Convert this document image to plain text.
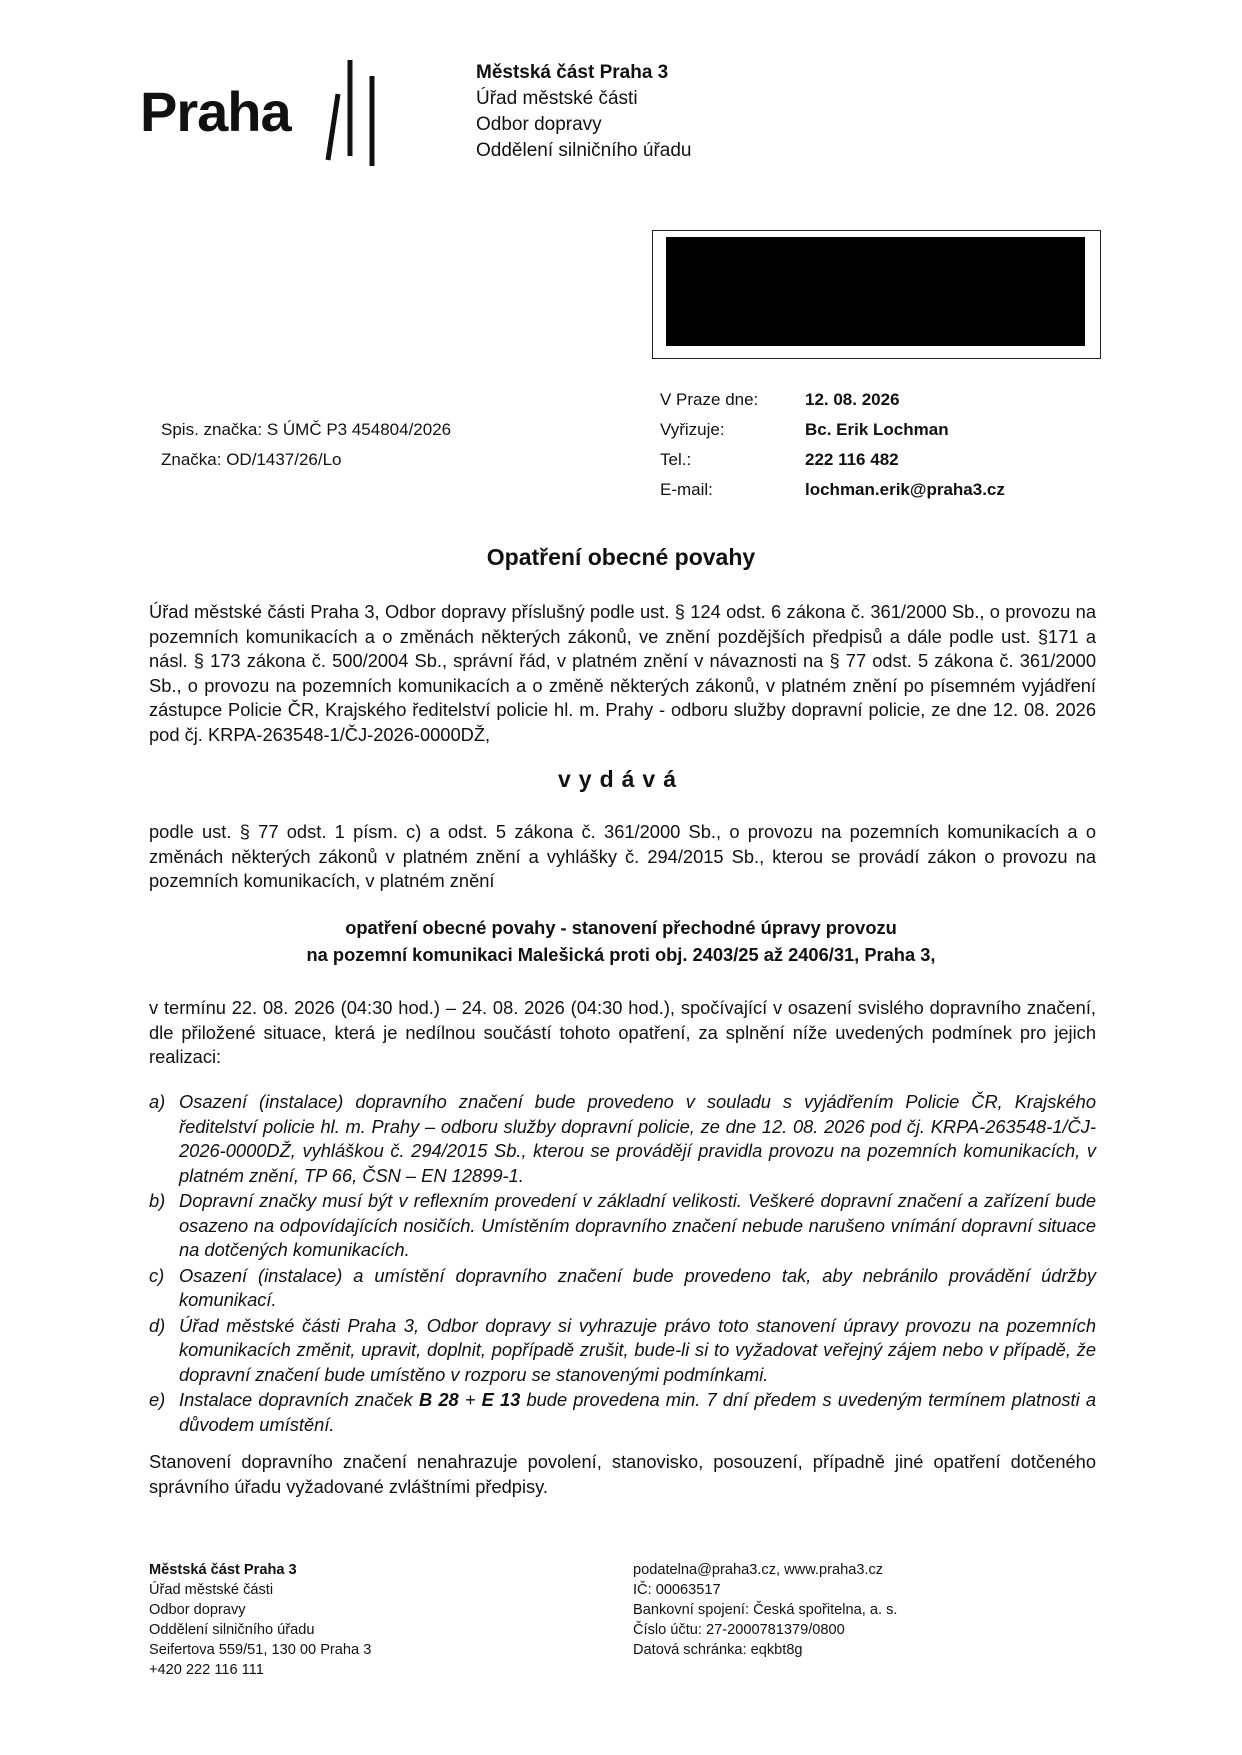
Praha
Městská část Praha 3
Úřad městské části
Odbor dopravy
Oddělení silničního úřadu
Spis. značka: S ÚMČ P3 454804/2026
Značka: OD/1437/26/Lo
V Praze dne:	12. 08. 2026
Vyřizuje:	Bc. Erik Lochman
Tel.:	222 116 482
E-mail:	lochman.erik@praha3.cz
Opatření obecné povahy
Úřad městské části Praha 3, Odbor dopravy příslušný podle ust. § 124 odst. 6 zákona č. 361/2000 Sb., o provozu na pozemních komunikacích a o změnách některých zákonů, ve znění pozdějších předpisů a dále podle ust. §171 a násl. § 173 zákona č. 500/2004 Sb., správní řád, v platném znění v návaznosti na § 77 odst. 5 zákona č. 361/2000 Sb., o provozu na pozemních komunikacích a o změně některých zákonů, v platném znění po písemném vyjádření zástupce Policie ČR, Krajského ředitelství policie hl. m. Prahy - odboru služby dopravní policie, ze dne 12. 08. 2026 pod čj. KRPA-263548-1/ČJ-2026-0000DŽ,
vydává
podle ust. § 77 odst. 1 písm. c) a odst. 5 zákona č. 361/2000 Sb., o provozu na pozemních komunikacích a o změnách některých zákonů v platném znění a vyhlášky č. 294/2015 Sb., kterou se provádí zákon o provozu na pozemních komunikacích, v platném znění
opatření obecné povahy - stanovení přechodné úpravy provozu
na pozemní komunikaci Malešická proti obj. 2403/25 až 2406/31, Praha 3,
v termínu 22. 08. 2026 (04:30 hod.) – 24. 08. 2026 (04:30 hod.), spočívající v osazení svislého dopravního značení, dle přiložené situace, která je nedílnou součástí tohoto opatření, za splnění níže uvedených podmínek pro jejich realizaci:
a) Osazení (instalace) dopravního značení bude provedeno v souladu s vyjádřením Policie ČR, Krajského ředitelství policie hl. m. Prahy – odboru služby dopravní policie, ze dne 12. 08. 2026 pod čj. KRPA-263548-1/ČJ-2026-0000DŽ, vyhláškou č. 294/2015 Sb., kterou se provádějí pravidla provozu na pozemních komunikacích, v platném znění, TP 66, ČSN – EN 12899-1.
b) Dopravní značky musí být v reflexním provedení v základní velikosti. Veškeré dopravní značení a zařízení bude osazeno na odpovídajících nosičích. Umístěním dopravního značení nebude narušeno vnímání dopravní situace na dotčených komunikacích.
c) Osazení (instalace) a umístění dopravního značení bude provedeno tak, aby nebránilo provádění údržby komunikací.
d) Úřad městské části Praha 3, Odbor dopravy si vyhrazuje právo toto stanovení úpravy provozu na pozemních komunikacích změnit, upravit, doplnit, popřípadě zrušit, bude-li si to vyžadovat veřejný zájem nebo v případě, že dopravní značení bude umístěno v rozporu se stanovenými podmínkami.
e) Instalace dopravních značek B 28 + E 13 bude provedena min. 7 dní předem s uvedeným termínem platnosti a důvodem umístění.
Stanovení dopravního značení nenahrazuje povolení, stanovisko, posouzení, případně jiné opatření dotčeného správního úřadu vyžadované zvláštními předpisy.
Městská část Praha 3
Úřad městské části
Odbor dopravy
Oddělení silničního úřadu
Seifertova 559/51, 130 00 Praha 3
+420 222 116 111
podatelna@praha3.cz, www.praha3.cz
IČ: 00063517
Bankovní spojení: Česká spořitelna, a. s.
Číslo účtu: 27-2000781379/0800
Datová schránka: eqkbt8g
